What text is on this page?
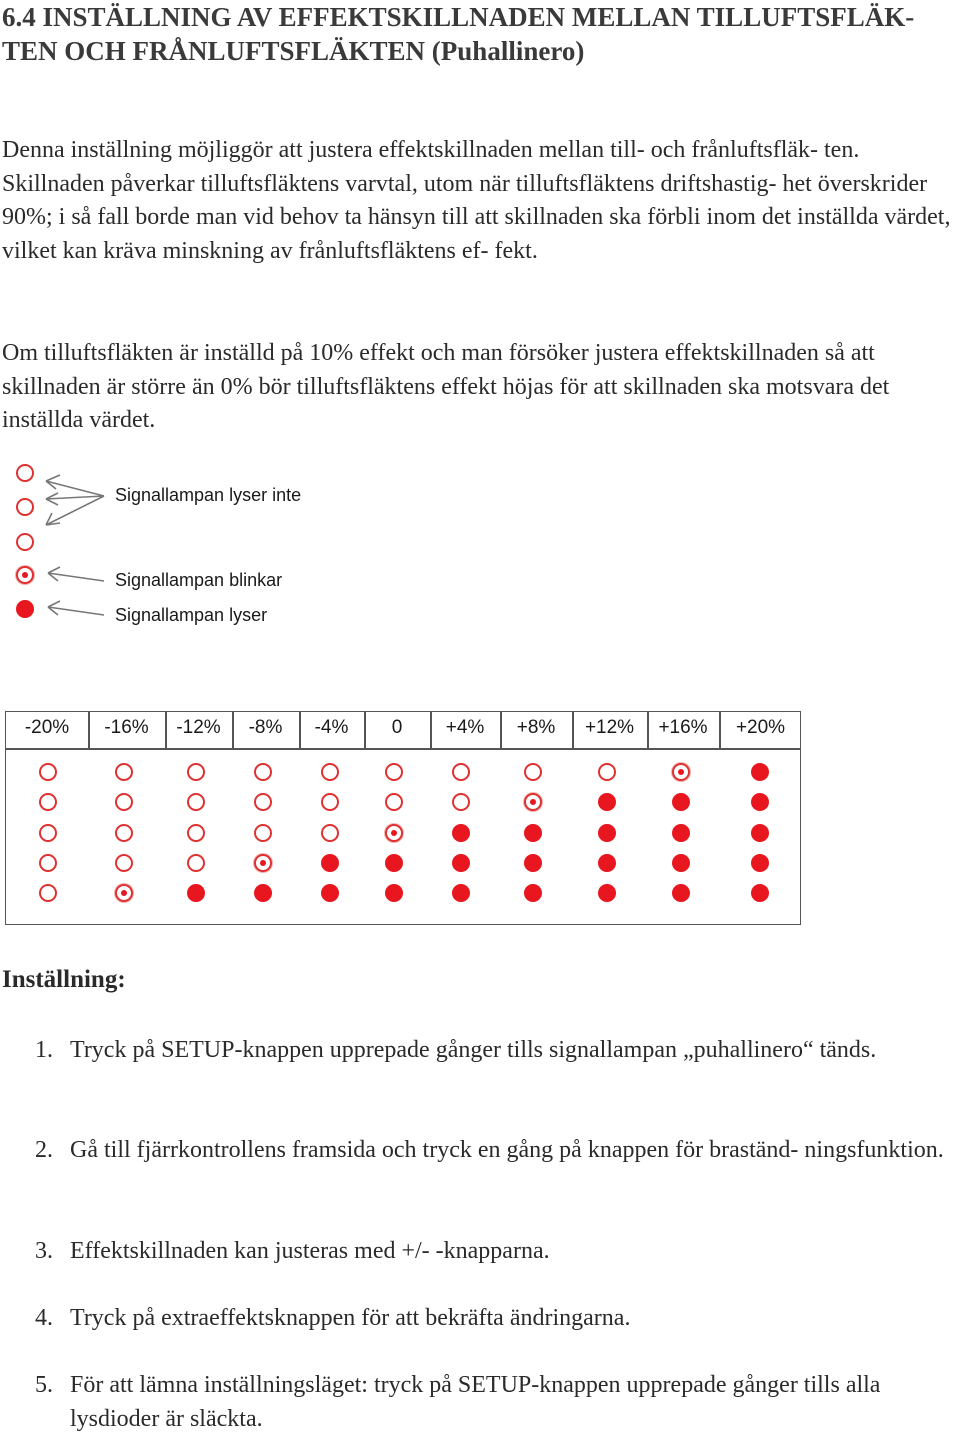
6.4 INSTÄLLNING AV EFFEKTSKILLNADEN MELLAN TILLUFTSFLÄK-
TEN OCH FRÅNLUFTSFLÄKTEN (Puhallinero)

Denna inställning möjliggör att justera effektskillnaden mellan till- och frånluftsfläk- ten. Skillnaden påverkar tilluftsfläktens varvtal, utom när tilluftsfläktens driftshastig- het överskrider 90%; i så fall borde man vid behov ta hänsyn till att skillnaden ska förbli inom det inställda värdet, vilket kan kräva minskning av frånluftsfläktens ef- fekt.

Om tilluftsfläkten är inställd på 10% effekt och man försöker justera effektskillnaden så att skillnaden är större än 0% bör tilluftsfläktens effekt höjas för att skillnaden ska motsvara det inställda värdet.

Signallampan lyser inte
Signallampan blinkar
Signallampan lyser
-20%	-16%	-12%	-8%	-4%	0	+4%	+8%	+12%	+16%	+20%
Inställning:
1. Tryck på SETUP-knappen upprepade gånger tills signallampan „puhallinero“ tänds.
2. Gå till fjärrkontrollens framsida och tryck en gång på knappen för braständ- ningsfunktion.
3. Effektskillnaden kan justeras med +/- -knapparna.
4. Tryck på extraeffektsknappen för att bekräfta ändringarna.
5. För att lämna inställningsläget: tryck på SETUP-knappen upprepade gånger tills alla lysdioder är släckta.
